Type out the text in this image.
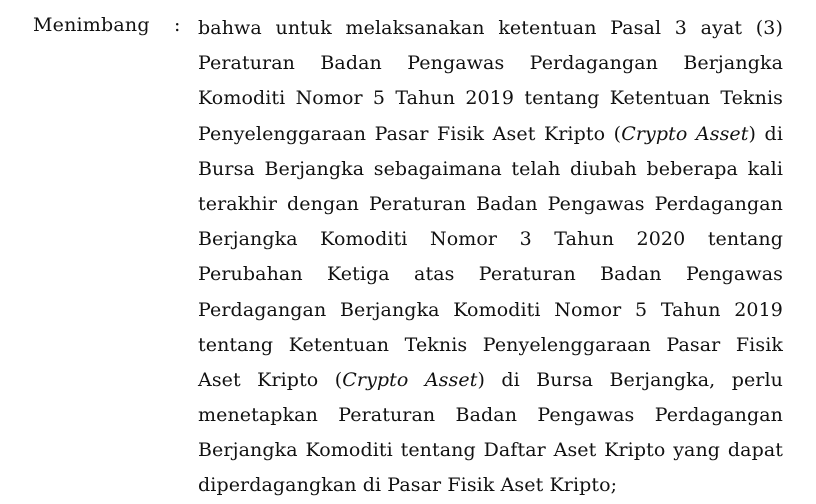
Menimbang : bahwa untuk melaksanakan ketentuan Pasal 3 ayat (3)
Peraturan Badan Pengawas Perdagangan Berjangka
Komoditi Nomor 5 Tahun 2019 tentang Ketentuan Teknis
Penyelenggaraan Pasar Fisik Aset Kripto (Crypto Asset) di
Bursa Berjangka sebagaimana telah diubah beberapa kali
terakhir dengan Peraturan Badan Pengawas Perdagangan
Berjangka Komoditi Nomor 3 Tahun 2020 tentang
Perubahan Ketiga atas Peraturan Badan Pengawas
Perdagangan Berjangka Komoditi Nomor 5 Tahun 2019
tentang Ketentuan Teknis Penyelenggaraan Pasar Fisik
Aset Kripto (Crypto Asset) di Bursa Berjangka, perlu
menetapkan Peraturan Badan Pengawas Perdagangan
Berjangka Komoditi tentang Daftar Aset Kripto yang dapat
diperdagangkan di Pasar Fisik Aset Kripto;
